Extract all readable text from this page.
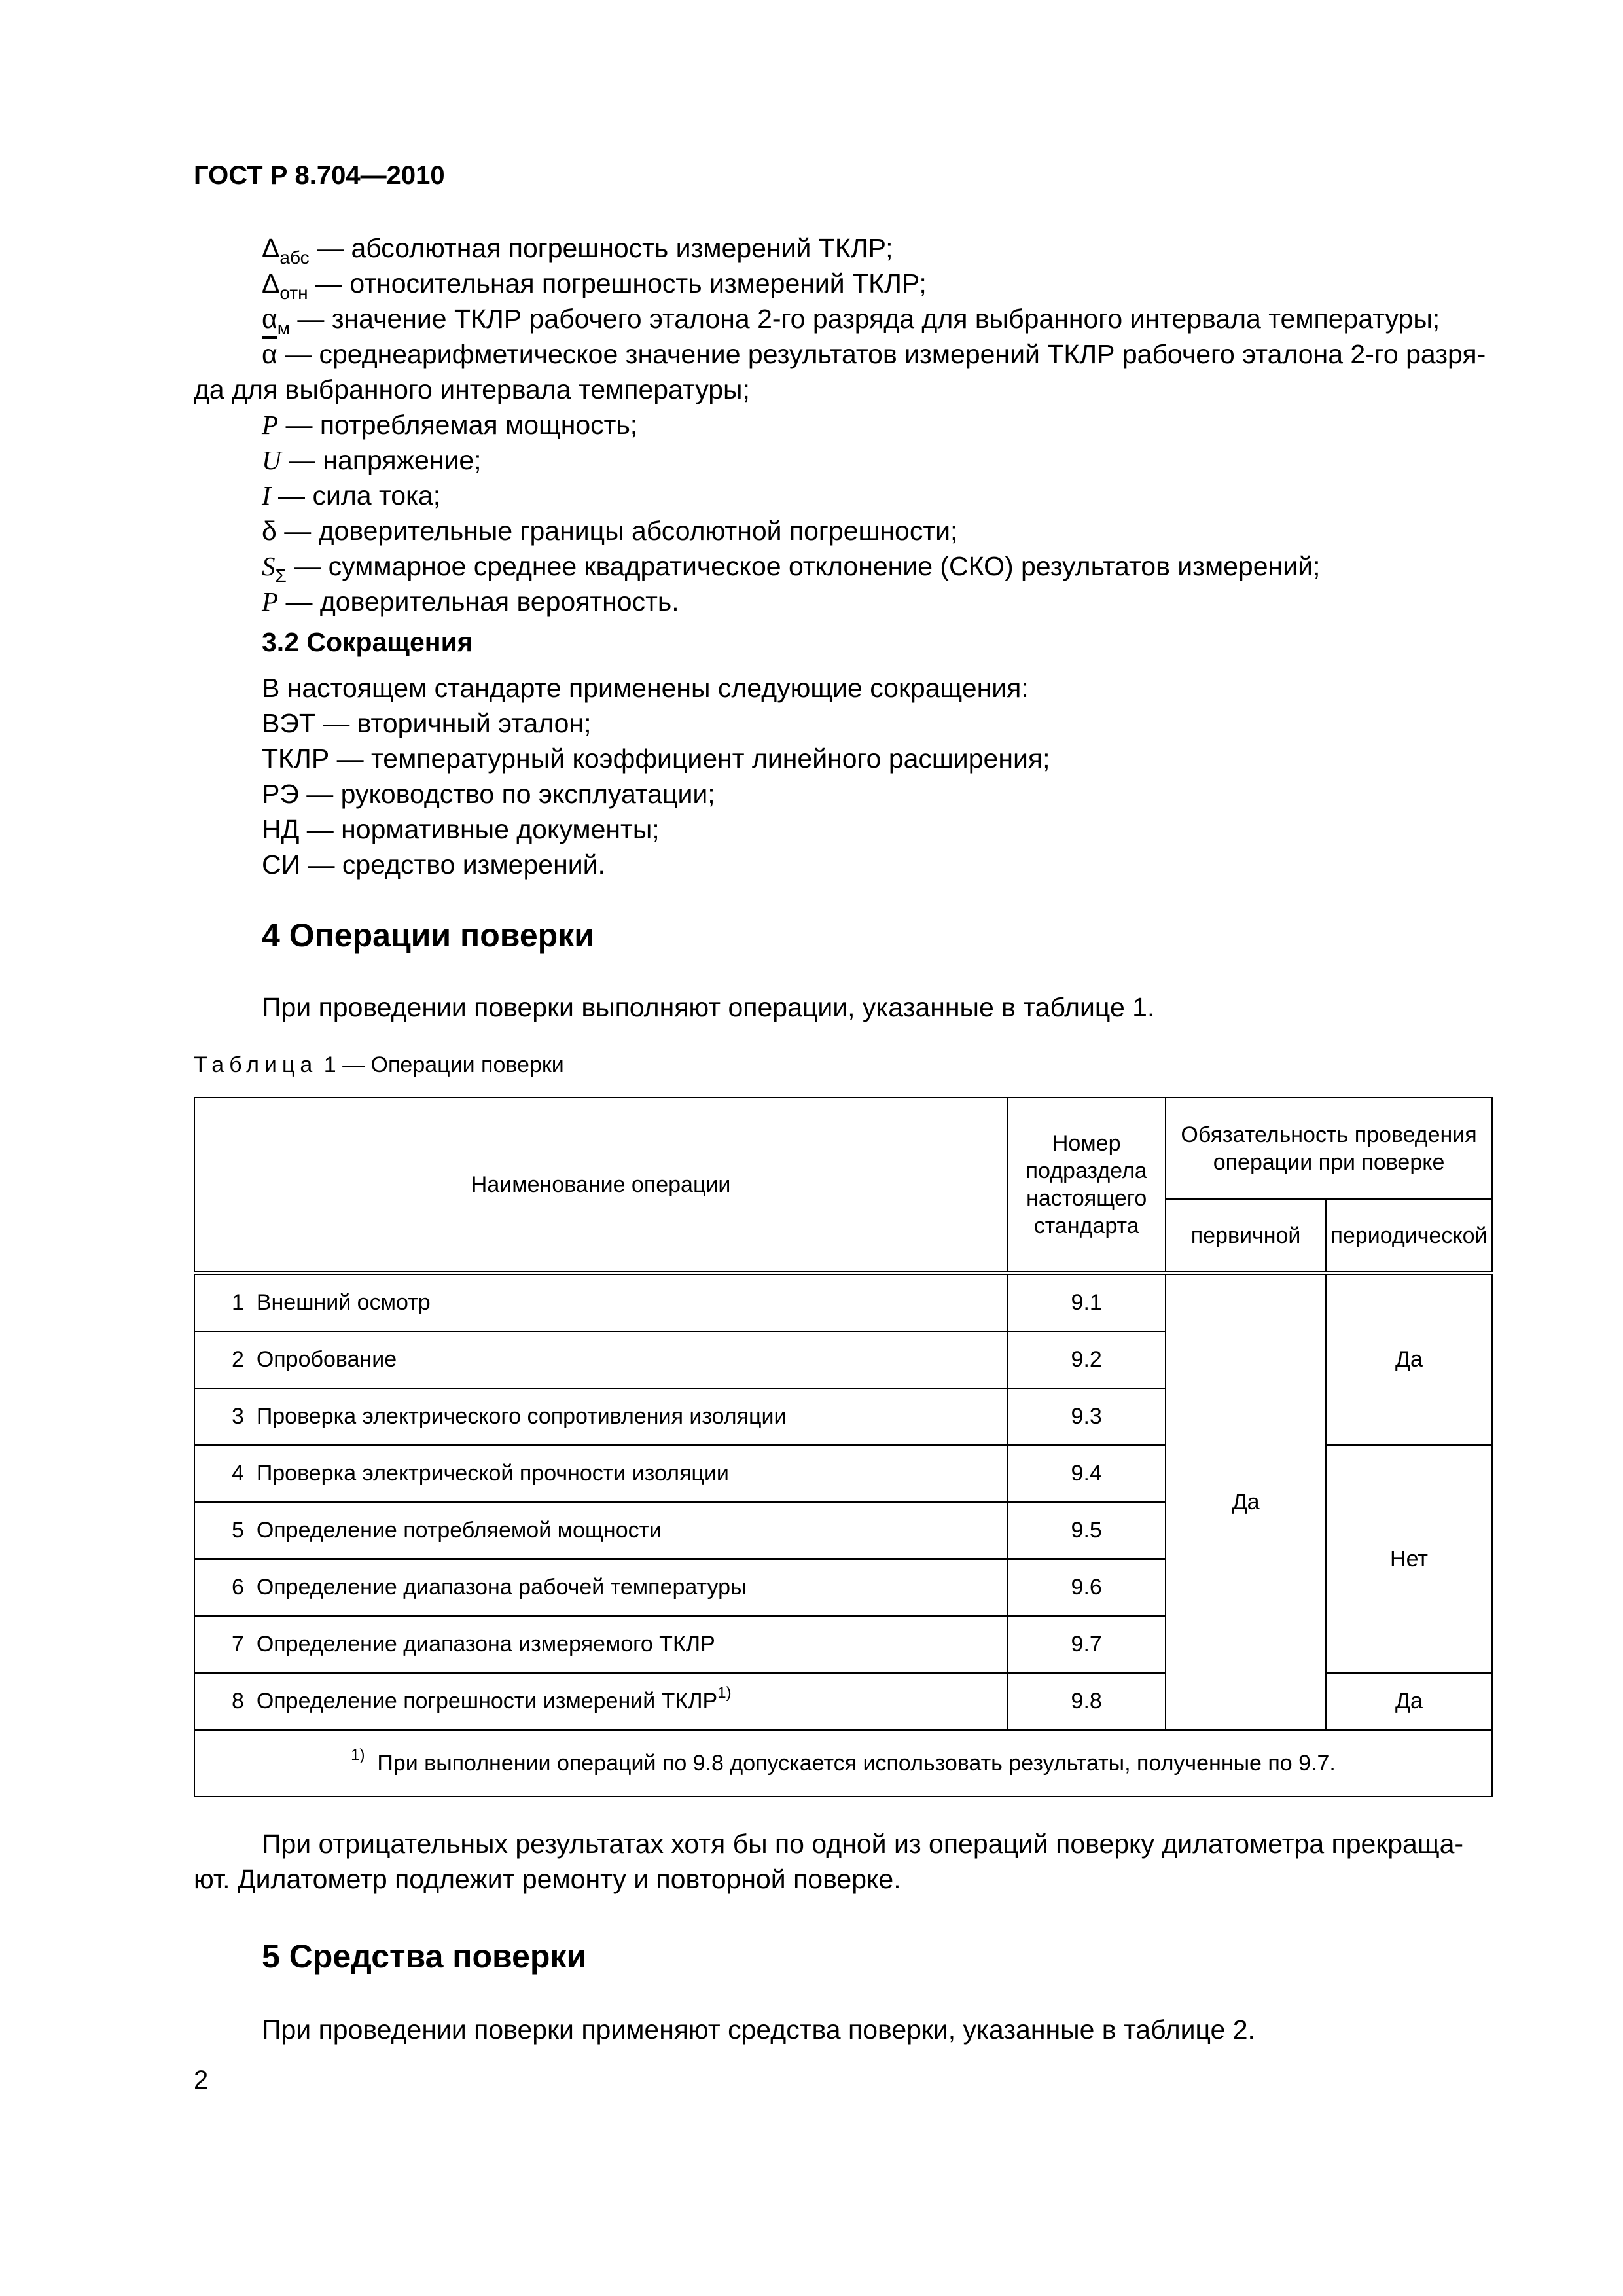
ГОСТ Р 8.704—2010
$\Delta_{абс}$ — абсолютная погрешность измерений ТКЛР;
$\Delta_{отн}$ — относительная погрешность измерений ТКЛР;
$\alpha_м$ — значение ТКЛР рабочего эталона 2-го разряда для выбранного интервала температуры;
$\overline{\alpha}$ — среднеарифметическое значение результатов измерений ТКЛР рабочего эталона 2-го разря-
да для выбранного интервала температуры;
P — потребляемая мощность;
U — напряжение;
I — сила тока;
δ — доверительные границы абсолютной погрешности;
$S_\Sigma$ — суммарное среднее квадратическое отклонение (СКО) результатов измерений;
P — доверительная вероятность.
3.2 Сокращения
В настоящем стандарте применены следующие сокращения:
ВЭТ — вторичный эталон;
ТКЛР — температурный коэффициент линейного расширения;
РЭ — руководство по эксплуатации;
НД — нормативные документы;
СИ — средство измерений.
4 Операции поверки
При проведении поверки выполняют операции, указанные в таблице 1.
Таблица 1 — Операции поверки
Наименование операции	Номер подраздела настоящего стандарта	Обязательность проведения операции при поверке	
		первичной	периодической
1 Внешний осмотр	9.1	Да	Да
2 Опробование	9.2		
3 Проверка электрического сопротивления изоляции	9.3		
4 Проверка электрической прочности изоляции	9.4		Нет
5 Определение потребляемой мощности	9.5		
6 Определение диапазона рабочей температуры	9.6		
7 Определение диапазона измеряемого ТКЛР	9.7		
8 Определение погрешности измерений ТКЛР$^{1)}$	9.8		Да
$^{1)}$ При выполнении операций по 9.8 допускается использовать результаты, полученные по 9.7.			
При отрицательных результатах хотя бы по одной из операций поверку дилатометра прекраща-
ют. Дилатометр подлежит ремонту и повторной поверке.
5 Средства поверки
При проведении поверки применяют средства поверки, указанные в таблице 2.
2
